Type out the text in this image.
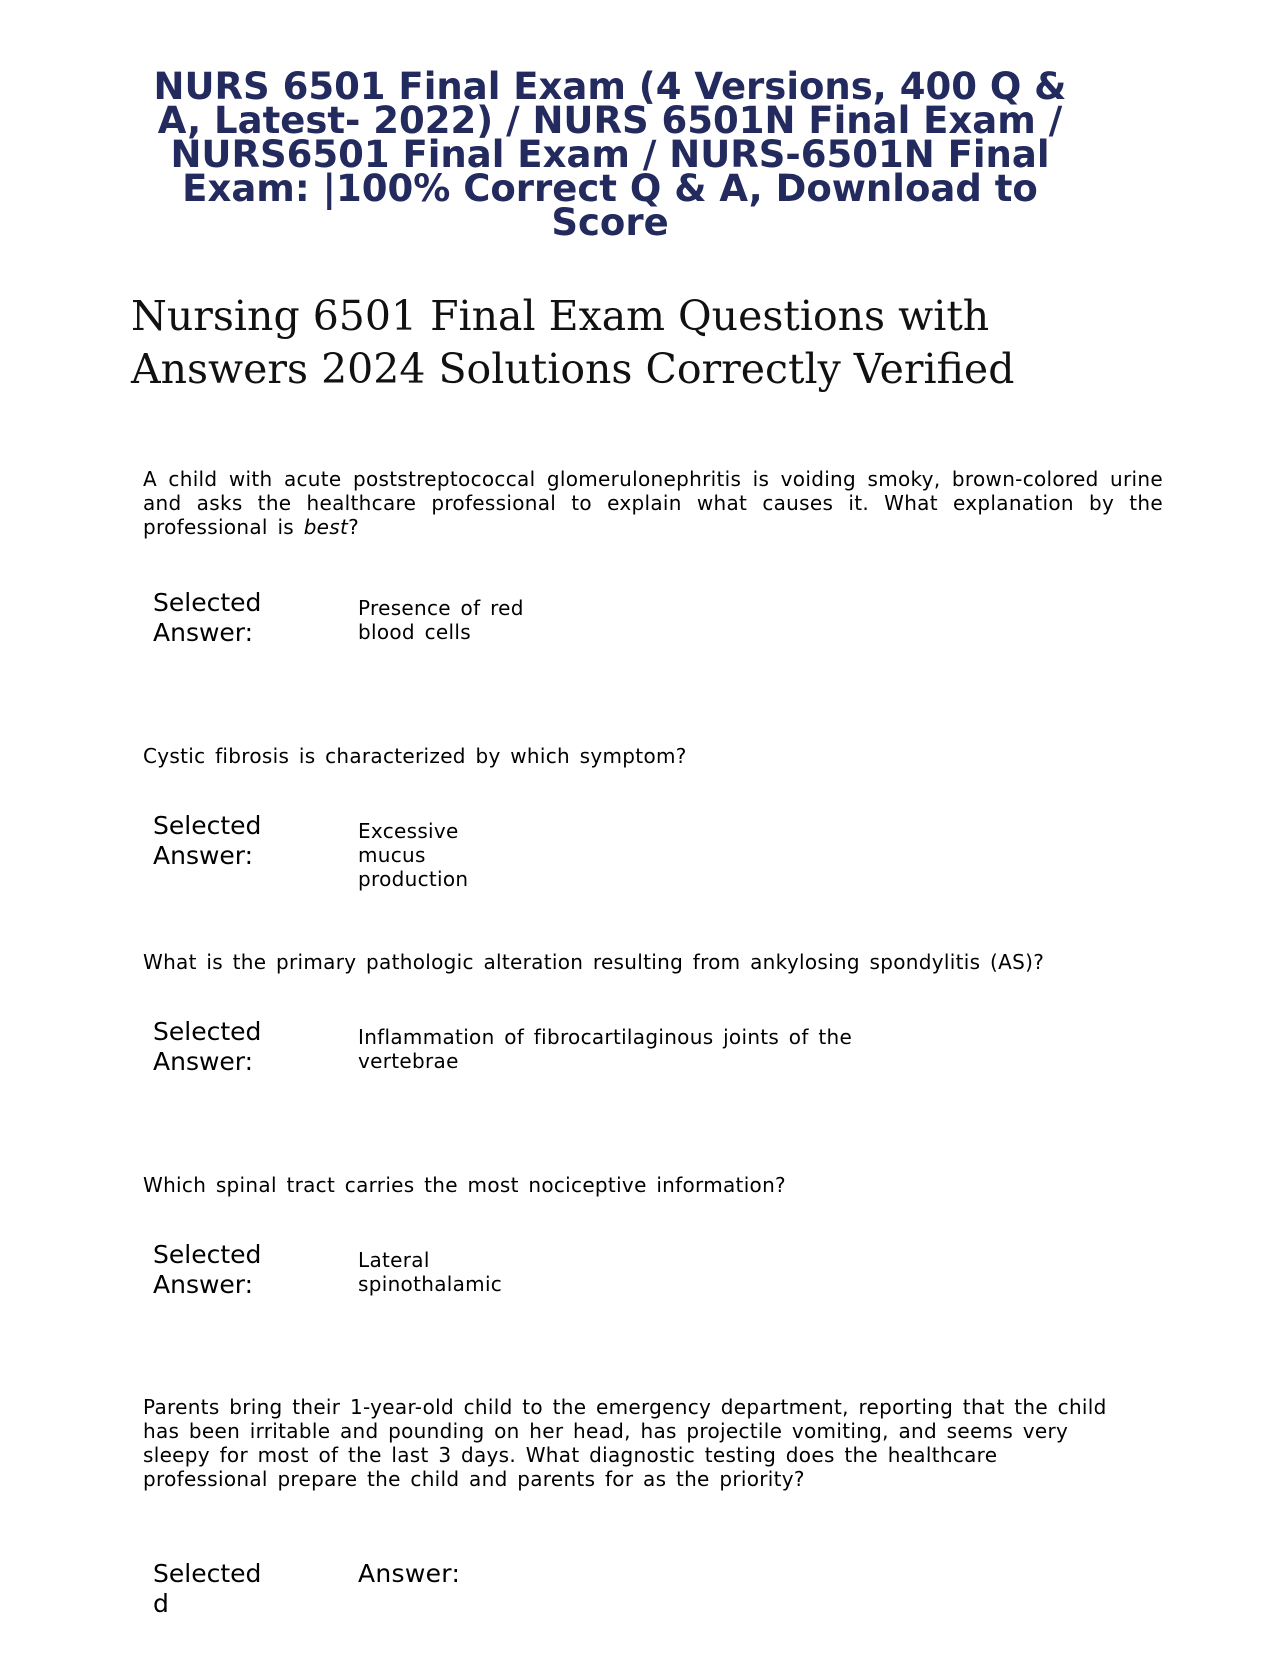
NURS 6501 Final Exam (4 Versions, 400 Q & A, Latest- 2022) / NURS 6501N Final Exam / NURS6501 Final Exam / NURS-6501N Final Exam: |100% Correct Q & A, Download to Score
Nursing 6501 Final Exam Questions with Answers 2024 Solutions Correctly Verified

A child with acute poststreptococcal glomerulonephritis is voiding smoky, brown-colored urine and asks the healthcare professional to explain what causes it. What explanation by the professional is best?

Selected Answer:
Presence of red blood cells

Cystic fibrosis is characterized by which symptom?

Selected Answer:
Excessive mucus production

What is the primary pathologic alteration resulting from ankylosing spondylitis (AS)?

Selected Answer:
Inflammation of fibrocartilaginous joints of the vertebrae

Which spinal tract carries the most nociceptive information?

Selected Answer:
Lateral spinothalamic

Parents bring their 1-year-old child to the emergency department, reporting that the child has been irritable and pounding on her head, has projectile vomiting, and seems very sleepy for most of the last 3 days. What diagnostic testing does the healthcare professional prepare the child and parents for as the priority?

Selected d
Answer:
